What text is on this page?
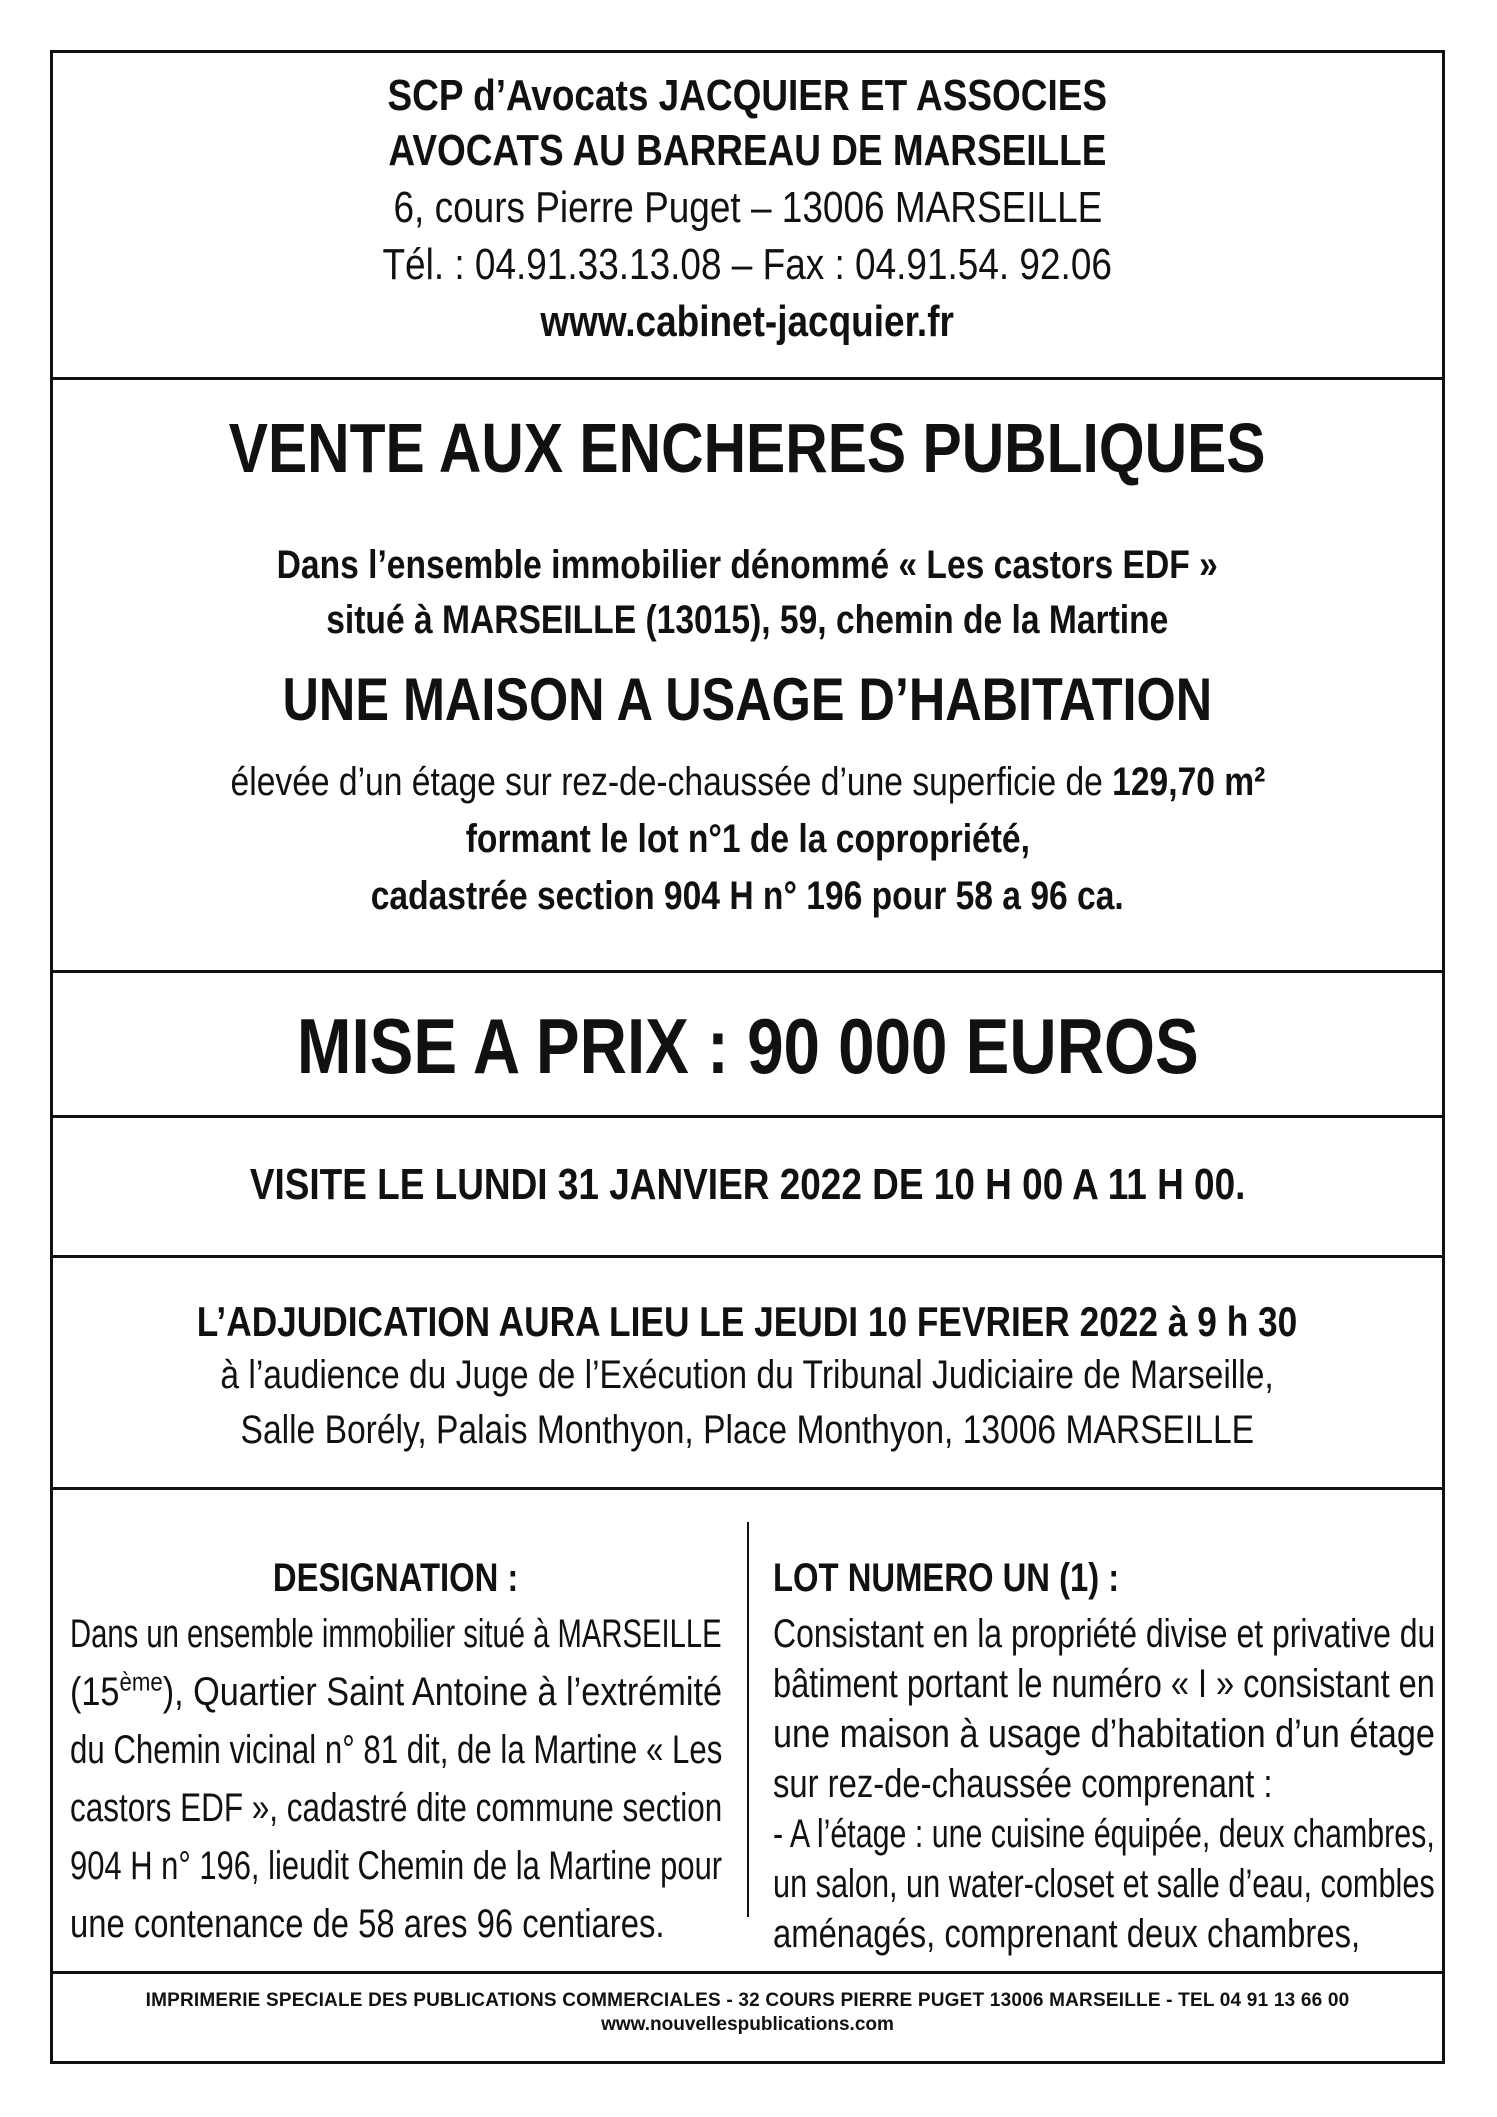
SCP d’Avocats JACQUIER ET ASSOCIES
AVOCATS AU BARREAU DE MARSEILLE
6, cours Pierre Puget – 13006 MARSEILLE
Tél. : 04.91.33.13.08 – Fax : 04.91.54. 92.06
www.cabinet-jacquier.fr
VENTE AUX ENCHERES PUBLIQUES
Dans l’ensemble immobilier dénommé « Les castors EDF »
situé à MARSEILLE (13015), 59, chemin de la Martine
UNE MAISON A USAGE D’HABITATION
élevée d’un étage sur rez-de-chaussée d’une superficie de 129,70 m²
formant le lot n°1 de la copropriété,
cadastrée section 904 H n° 196 pour 58 a 96 ca.
MISE A PRIX : 90 000 EUROS
VISITE LE LUNDI 31 JANVIER 2022 DE 10 H 00 A 11 H 00.
L’ADJUDICATION AURA LIEU LE JEUDI 10 FEVRIER 2022 à 9 h 30
à l’audience du Juge de l’Exécution du Tribunal Judiciaire de Marseille,
Salle Borély, Palais Monthyon, Place Monthyon, 13006 MARSEILLE
DESIGNATION :
Dans un ensemble immobilier situé à MARSEILLE
(15ème), Quartier Saint Antoine à l’extrémité
du Chemin vicinal n° 81 dit, de la Martine « Les
castors EDF », cadastré dite commune section
904 H n° 196, lieudit Chemin de la Martine pour
une contenance de 58 ares 96 centiares.
LOT NUMERO UN (1) :
Consistant en la propriété divise et privative du
bâtiment portant le numéro « I » consistant en
une maison à usage d’habitation d’un étage
sur rez-de-chaussée comprenant :
- A l’étage : une cuisine équipée, deux chambres,
un salon, un water-closet et salle d’eau, combles
aménagés, comprenant deux chambres,
IMPRIMERIE SPECIALE DES PUBLICATIONS COMMERCIALES - 32 COURS PIERRE PUGET 13006 MARSEILLE - TEL 04 91 13 66 00
www.nouvellespublications.com
